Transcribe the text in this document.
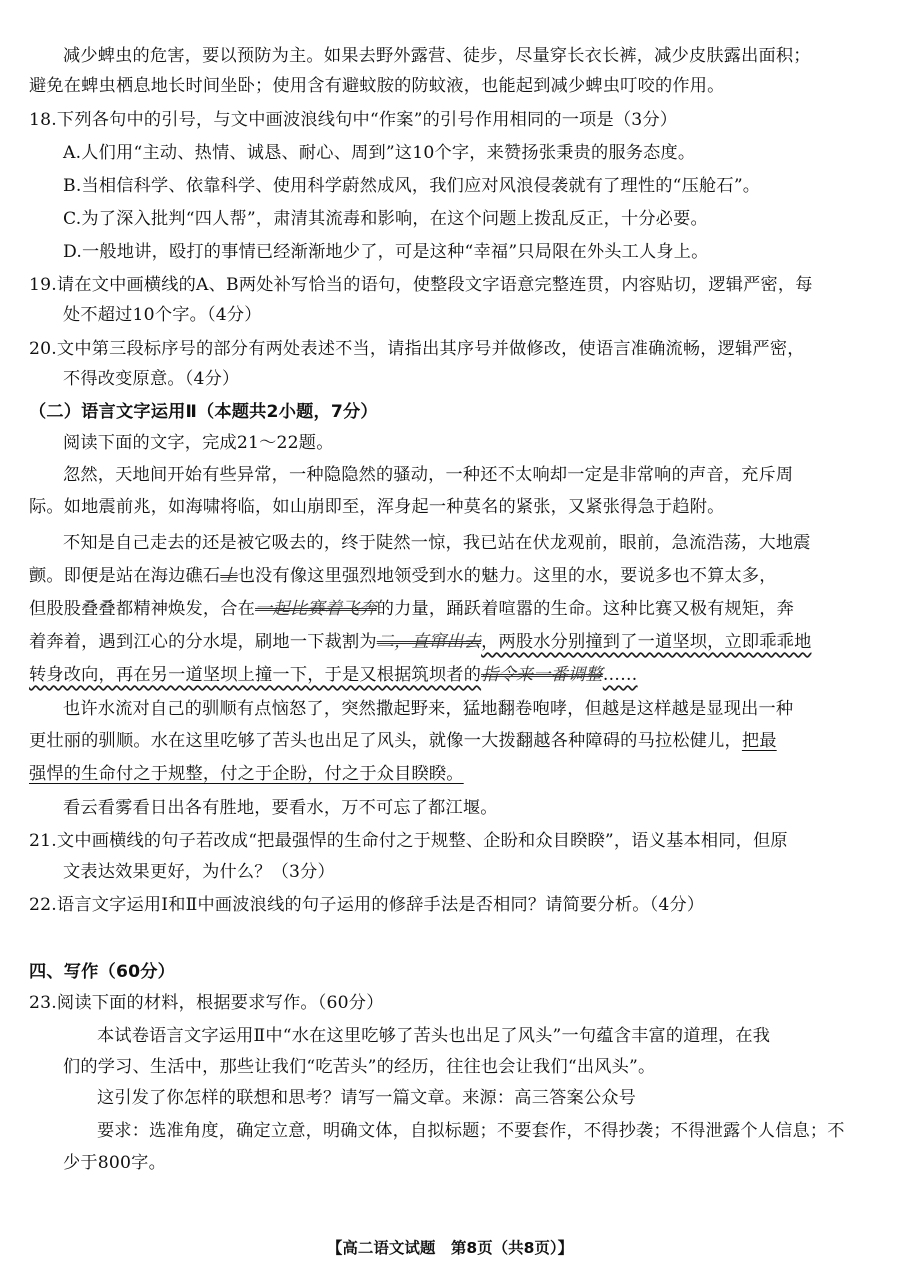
减少蜱虫的危害，要以预防为主。如果去野外露营、徒步，尽量穿长衣长裤，减少皮肤露出面积；
避免在蜱虫栖息地长时间坐卧；使用含有避蚊胺的防蚊液，也能起到减少蜱虫叮咬的作用。
18.下列各句中的引号，与文中画波浪线句中“作案”的引号作用相同的一项是（3分）
A.人们用“主动、热情、诚恳、耐心、周到”这10个字，来赞扬张秉贵的服务态度。
B.当相信科学、依靠科学、使用科学蔚然成风，我们应对风浪侵袭就有了理性的“压舱石”。
C.为了深入批判“四人帮”，肃清其流毒和影响，在这个问题上拨乱反正，十分必要。
D.一般地讲，殴打的事情已经渐渐地少了，可是这种“幸福”只局限在外头工人身上。
19.请在文中画横线的A、B两处补写恰当的语句，使整段文字语意完整连贯，内容贴切，逻辑严密，每
处不超过10个字。（4分）
20.文中第三段标序号的部分有两处表述不当，请指出其序号并做修改，使语言准确流畅，逻辑严密，
不得改变原意。（4分）
（二）语言文字运用Ⅱ（本题共2小题，7分）
阅读下面的文字，完成21～22题。
忽然，天地间开始有些异常，一种隐隐然的骚动，一种还不太响却一定是非常响的声音，充斥周
际。如地震前兆，如海啸将临，如山崩即至，浑身起一种莫名的紧张，又紧张得急于趋附。
不知是自己走去的还是被它吸去的，终于陡然一惊，我已站在伏龙观前，眼前，急流浩荡，大地震
颤。即便是站在海边礁石上也没有像这里强烈地领受到水的魅力。这里的水，要说多也不算太多，
但股股叠叠都精神焕发，合在一起比赛着飞奔的力量，踊跃着喧嚣的生命。这种比赛又极有规矩，奔
着奔着，遇到江心的分水堤，刷地一下裁割为二，直窜出去，两股水分别撞到了一道坚坝，立即乖乖地
转身改向，再在另一道坚坝上撞一下，于是又根据筑坝者的指令来一番调整……
也许水流对自己的驯顺有点恼怒了，突然撒起野来，猛地翻卷咆哮，但越是这样越是显现出一种
更壮丽的驯顺。水在这里吃够了苦头也出足了风头，就像一大拨翻越各种障碍的马拉松健儿，把最
强悍的生命付之于规整，付之于企盼，付之于众目睽睽。
看云看雾看日出各有胜地，要看水，万不可忘了都江堰。
21.文中画横线的句子若改成“把最强悍的生命付之于规整、企盼和众目睽睽”，语义基本相同，但原
文表达效果更好，为什么？（3分）
22.语言文字运用Ⅰ和Ⅱ中画波浪线的句子运用的修辞手法是否相同？请简要分析。（4分）
四、写作（60分）
23.阅读下面的材料，根据要求写作。（60分）
本试卷语言文字运用Ⅱ中“水在这里吃够了苦头也出足了风头”一句蕴含丰富的道理，在我
们的学习、生活中，那些让我们“吃苦头”的经历，往往也会让我们“出风头”。
这引发了你怎样的联想和思考？请写一篇文章。来源：高三答案公众号
要求：选准角度，确定立意，明确文体，自拟标题；不要套作，不得抄袭；不得泄露个人信息；不
少于800字。
【高二语文试题　第8页（共8页）】
